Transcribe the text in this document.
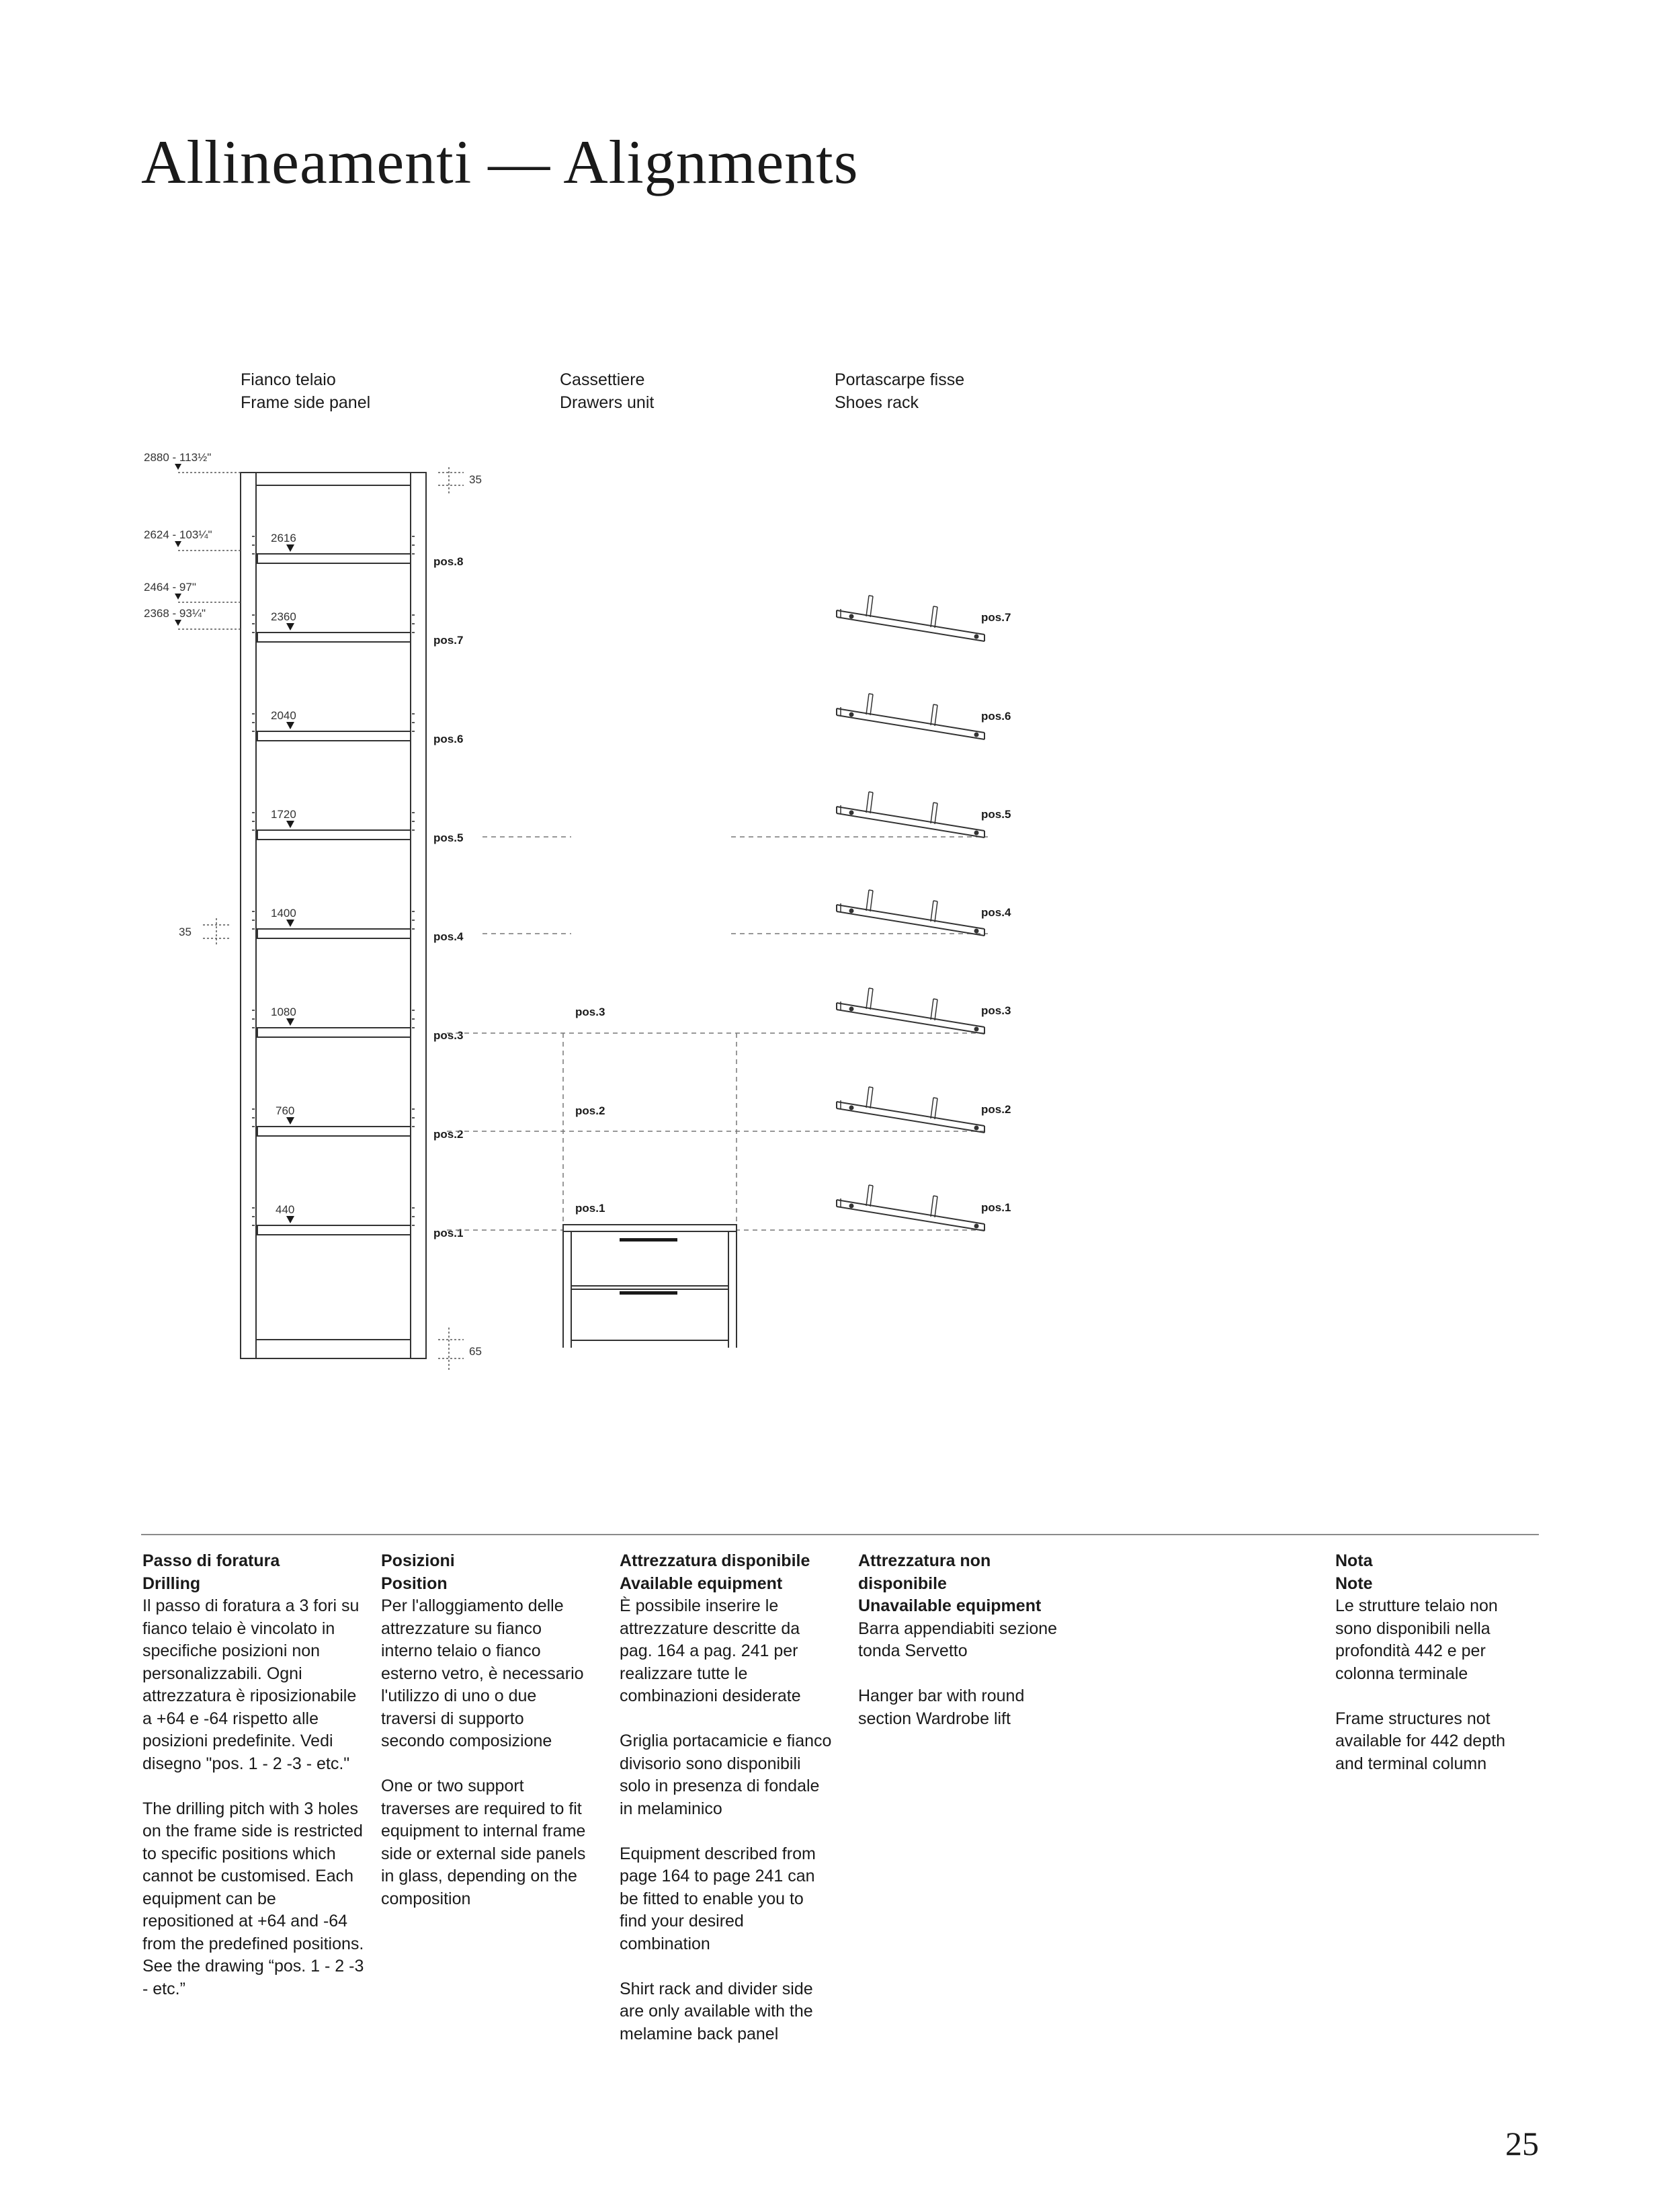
Allineamenti — Alignments
Fianco telaio
Frame side panel
Cassettiere
Drawers unit
Portascarpe fisse
Shoes rack
2616
2360
2040
1720
1400
1080
760
440
pos.8
pos.7
pos.6
pos.5
pos.4
pos.3
pos.2
pos.1
2880 - 113½"
2624 - 103¼"
2464 - 97"
2368 - 93¼"
35
65
35
pos.3
pos.2
pos.1
pos.7
pos.6
pos.5
pos.4
pos.3
pos.2
pos.1
Passo di foratura
Drilling

Il passo di foratura a 3 fori su fianco telaio è vincolato in specifiche posizioni non personalizzabili. Ogni attrezzatura è riposizionabile a +64 e -64 rispetto alle posizioni predefinite. Vedi disegno "pos. 1 - 2 -3 - etc."

The drilling pitch with 3 holes on the frame side is restricted to specific positions which cannot be customised. Each equipment can be repositioned at +64 and -64 from the predefined positions. See the drawing “pos. 1 - 2 -3 - etc.”

Posizioni
Position

Per l'alloggiamento delle attrezzature su fianco interno telaio o fianco esterno vetro, è necessario l'utilizzo di uno o due traversi di supporto secondo composizione

One or two support traverses are required to fit equipment to internal frame side or external side panels in glass, depending on the composition

Attrezzatura disponibile
Available equipment

È possibile inserire le attrezzature descritte da pag. 164 a pag. 241 per realizzare tutte le combinazioni desiderate

Griglia portacamicie e fianco divisorio sono disponibili solo in presenza di fondale in melaminico

Equipment described from page 164 to page 241 can be fitted to enable you to find your desired combination

Shirt rack and divider side are only available with the melamine back panel

Attrezzatura non disponibile
Unavailable equipment

Barra appendiabiti sezione tonda Servetto

Hanger bar with round section Wardrobe lift

Nota
Note

Le strutture telaio non sono disponibili nella profondità 442 e per colonna terminale

Frame structures not available for 442 depth and terminal column

25
